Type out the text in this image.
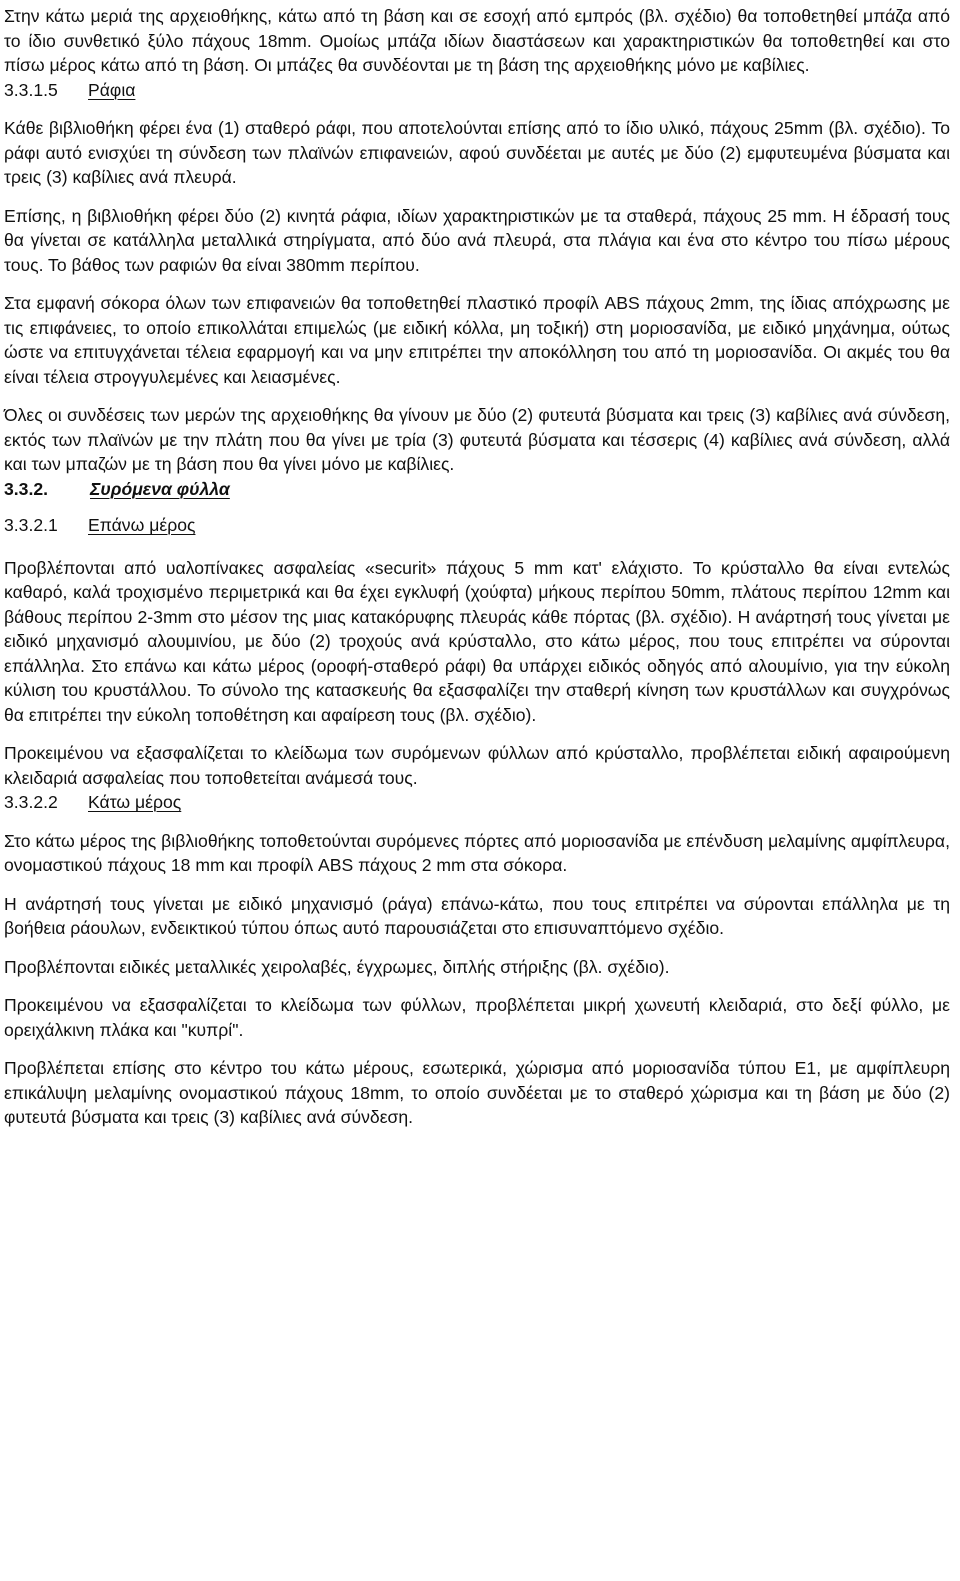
Στην κάτω μεριά της αρχειοθήκης, κάτω από τη βάση και σε εσοχή από εμπρός (βλ. σχέδιο) θα τοποθετηθεί μπάζα από το ίδιο συνθετικό ξύλο πάχους 18mm. Ομοίως μπάζα ιδίων διαστάσεων και χαρακτηριστικών θα τοποθετηθεί και στο πίσω μέρος κάτω από τη βάση. Οι μπάζες θα συνδέονται με τη βάση της αρχειοθήκης μόνο με καβίλιες.

3.3.1.5 Ράφια

Κάθε βιβλιοθήκη φέρει ένα (1) σταθερό ράφι, που αποτελούνται επίσης από το ίδιο υλικό, πάχους 25mm (βλ. σχέδιο). Το ράφι αυτό ενισχύει τη σύνδεση των πλαϊνών επιφανειών, αφού συνδέεται με αυτές με δύο (2) εμφυτευμένα βύσματα και τρεις (3) καβίλιες ανά πλευρά.

Επίσης, η βιβλιοθήκη φέρει δύο (2) κινητά ράφια, ιδίων χαρακτηριστικών με τα σταθερά, πάχους 25 mm. Η έδρασή τους θα γίνεται σε κατάλληλα μεταλλικά στηρίγματα, από δύο ανά πλευρά, στα πλάγια και ένα στο κέντρο του πίσω μέρους τους. Το βάθος των ραφιών θα είναι 380mm περίπου.

Στα εμφανή σόκορα όλων των επιφανειών θα τοποθετηθεί πλαστικό προφίλ ABS πάχους 2mm, της ίδιας απόχρωσης με τις επιφάνειες, το οποίο επικολλάται επιμελώς (με ειδική κόλλα, μη τοξική) στη μοριοσανίδα, με ειδικό μηχάνημα, ούτως ώστε να επιτυγχάνεται τέλεια εφαρμογή και να μην επιτρέπει την αποκόλληση του από τη μοριοσανίδα. Οι ακμές του θα είναι τέλεια στρογγυλεμένες και λειασμένες.

Όλες οι συνδέσεις των μερών της αρχειοθήκης θα γίνουν με δύο (2) φυτευτά βύσματα και τρεις (3) καβίλιες ανά σύνδεση, εκτός των πλαϊνών με την πλάτη που θα γίνει με τρία (3) φυτευτά βύσματα και τέσσερις (4) καβίλιες ανά σύνδεση, αλλά και των μπαζών με τη βάση που θα γίνει μόνο με καβίλιες.

3.3.2. Συρόμενα φύλλα
3.3.2.1 Επάνω μέρος

Προβλέπονται από υαλοπίνακες ασφαλείας «securit» πάχους 5 mm κατ' ελάχιστο. Το κρύσταλλο θα είναι εντελώς καθαρό, καλά τροχισμένο περιμετρικά και θα έχει εγκλυφή (χούφτα) μήκους περίπου 50mm, πλάτους περίπου 12mm και βάθους περίπου 2-3mm στο μέσον της μιας κατακόρυφης πλευράς κάθε πόρτας (βλ. σχέδιο). Η ανάρτησή τους γίνεται με ειδικό μηχανισμό αλουμινίου, με δύο (2) τροχούς ανά κρύσταλλο, στο κάτω μέρος, που τους επιτρέπει να σύρονται επάλληλα. Στο επάνω και κάτω μέρος (οροφή-σταθερό ράφι) θα υπάρχει ειδικός οδηγός από αλουμίνιο, για την εύκολη κύλιση του κρυστάλλου. Το σύνολο της κατασκευής θα εξασφαλίζει την σταθερή κίνηση των κρυστάλλων και συγχρόνως θα επιτρέπει την εύκολη τοποθέτηση και αφαίρεση τους (βλ. σχέδιο).

Προκειμένου να εξασφαλίζεται το κλείδωμα των συρόμενων φύλλων από κρύσταλλο, προβλέπεται ειδική αφαιρούμενη κλειδαριά ασφαλείας που τοποθετείται ανάμεσά τους.

3.3.2.2 Κάτω μέρος

Στο κάτω μέρος της βιβλιοθήκης τοποθετούνται συρόμενες πόρτες από μοριοσανίδα με επένδυση μελαμίνης αμφίπλευρα, ονομαστικού πάχους 18 mm και προφίλ ABS πάχους 2 mm στα σόκορα.

Η ανάρτησή τους γίνεται με ειδικό μηχανισμό (ράγα) επάνω-κάτω, που τους επιτρέπει να σύρονται επάλληλα με τη βοήθεια ράουλων, ενδεικτικού τύπου όπως αυτό παρουσιάζεται στο επισυναπτόμενο σχέδιο.

Προβλέπονται ειδικές μεταλλικές χειρολαβές, έγχρωμες, διπλής στήριξης (βλ. σχέδιο).

Προκειμένου να εξασφαλίζεται το κλείδωμα των φύλλων, προβλέπεται μικρή χωνευτή κλειδαριά, στο δεξί φύλλο, με ορειχάλκινη πλάκα και "κυπρί".

Προβλέπεται επίσης στο κέντρο του κάτω μέρους, εσωτερικά, χώρισμα από μοριοσανίδα τύπου Ε1, με αμφίπλευρη επικάλυψη μελαμίνης ονομαστικού πάχους 18mm, το οποίο συνδέεται με το σταθερό χώρισμα και τη βάση με δύο (2) φυτευτά βύσματα και τρεις (3) καβίλιες ανά σύνδεση.
